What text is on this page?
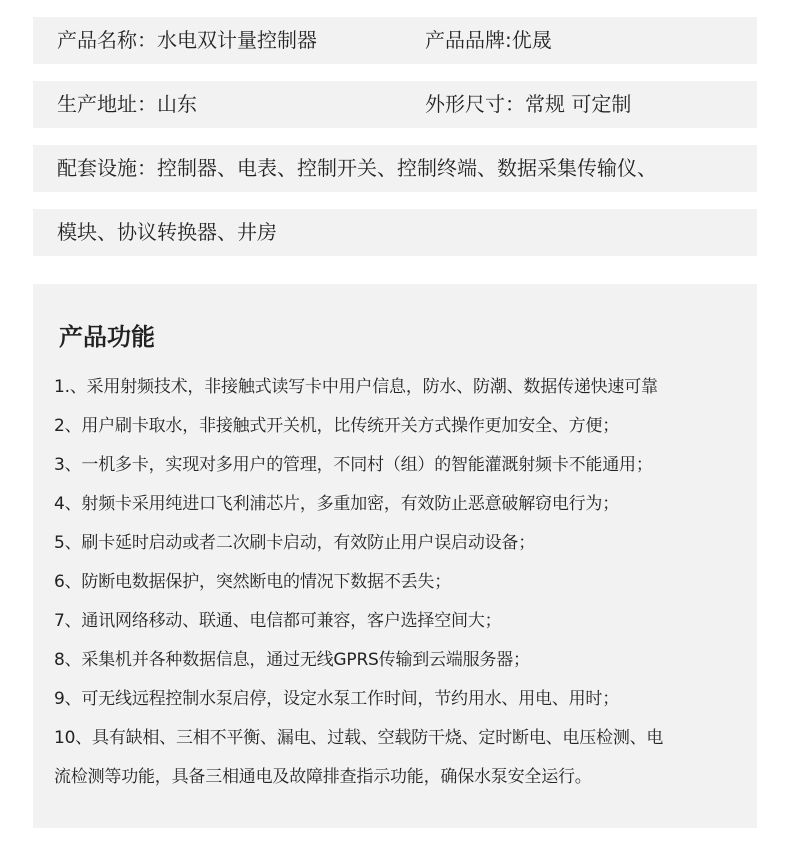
产品名称：水电双计量控制器	产品品牌:优晟
生产地址：山东	外形尺寸：常规 可定制
配套设施：控制器、电表、控制开关、控制终端、数据采集传输仪、
模块、协议转换器、井房
产品功能
1.、采用射频技术，非接触式读写卡中用户信息，防水、防潮、数据传递快速可靠
2、用户刷卡取水，非接触式开关机，比传统开关方式操作更加安全、方便；
3、一机多卡，实现对多用户的管理，不同村（组）的智能灌溉射频卡不能通用；
4、射频卡采用纯进口飞利浦芯片，多重加密，有效防止恶意破解窃电行为；
5、刷卡延时启动或者二次刷卡启动，有效防止用户误启动设备；
6、防断电数据保护，突然断电的情况下数据不丢失；
7、通讯网络移动、联通、电信都可兼容，客户选择空间大；
8、采集机并各种数据信息，通过无线GPRS传输到云端服务器；
9、可无线远程控制水泵启停，设定水泵工作时间，节约用水、用电、用时；
10、具有缺相、三相不平衡、漏电、过载、空载防干烧、定时断电、电压检测、电
流检测等功能，具备三相通电及故障排查指示功能，确保水泵安全运行。
